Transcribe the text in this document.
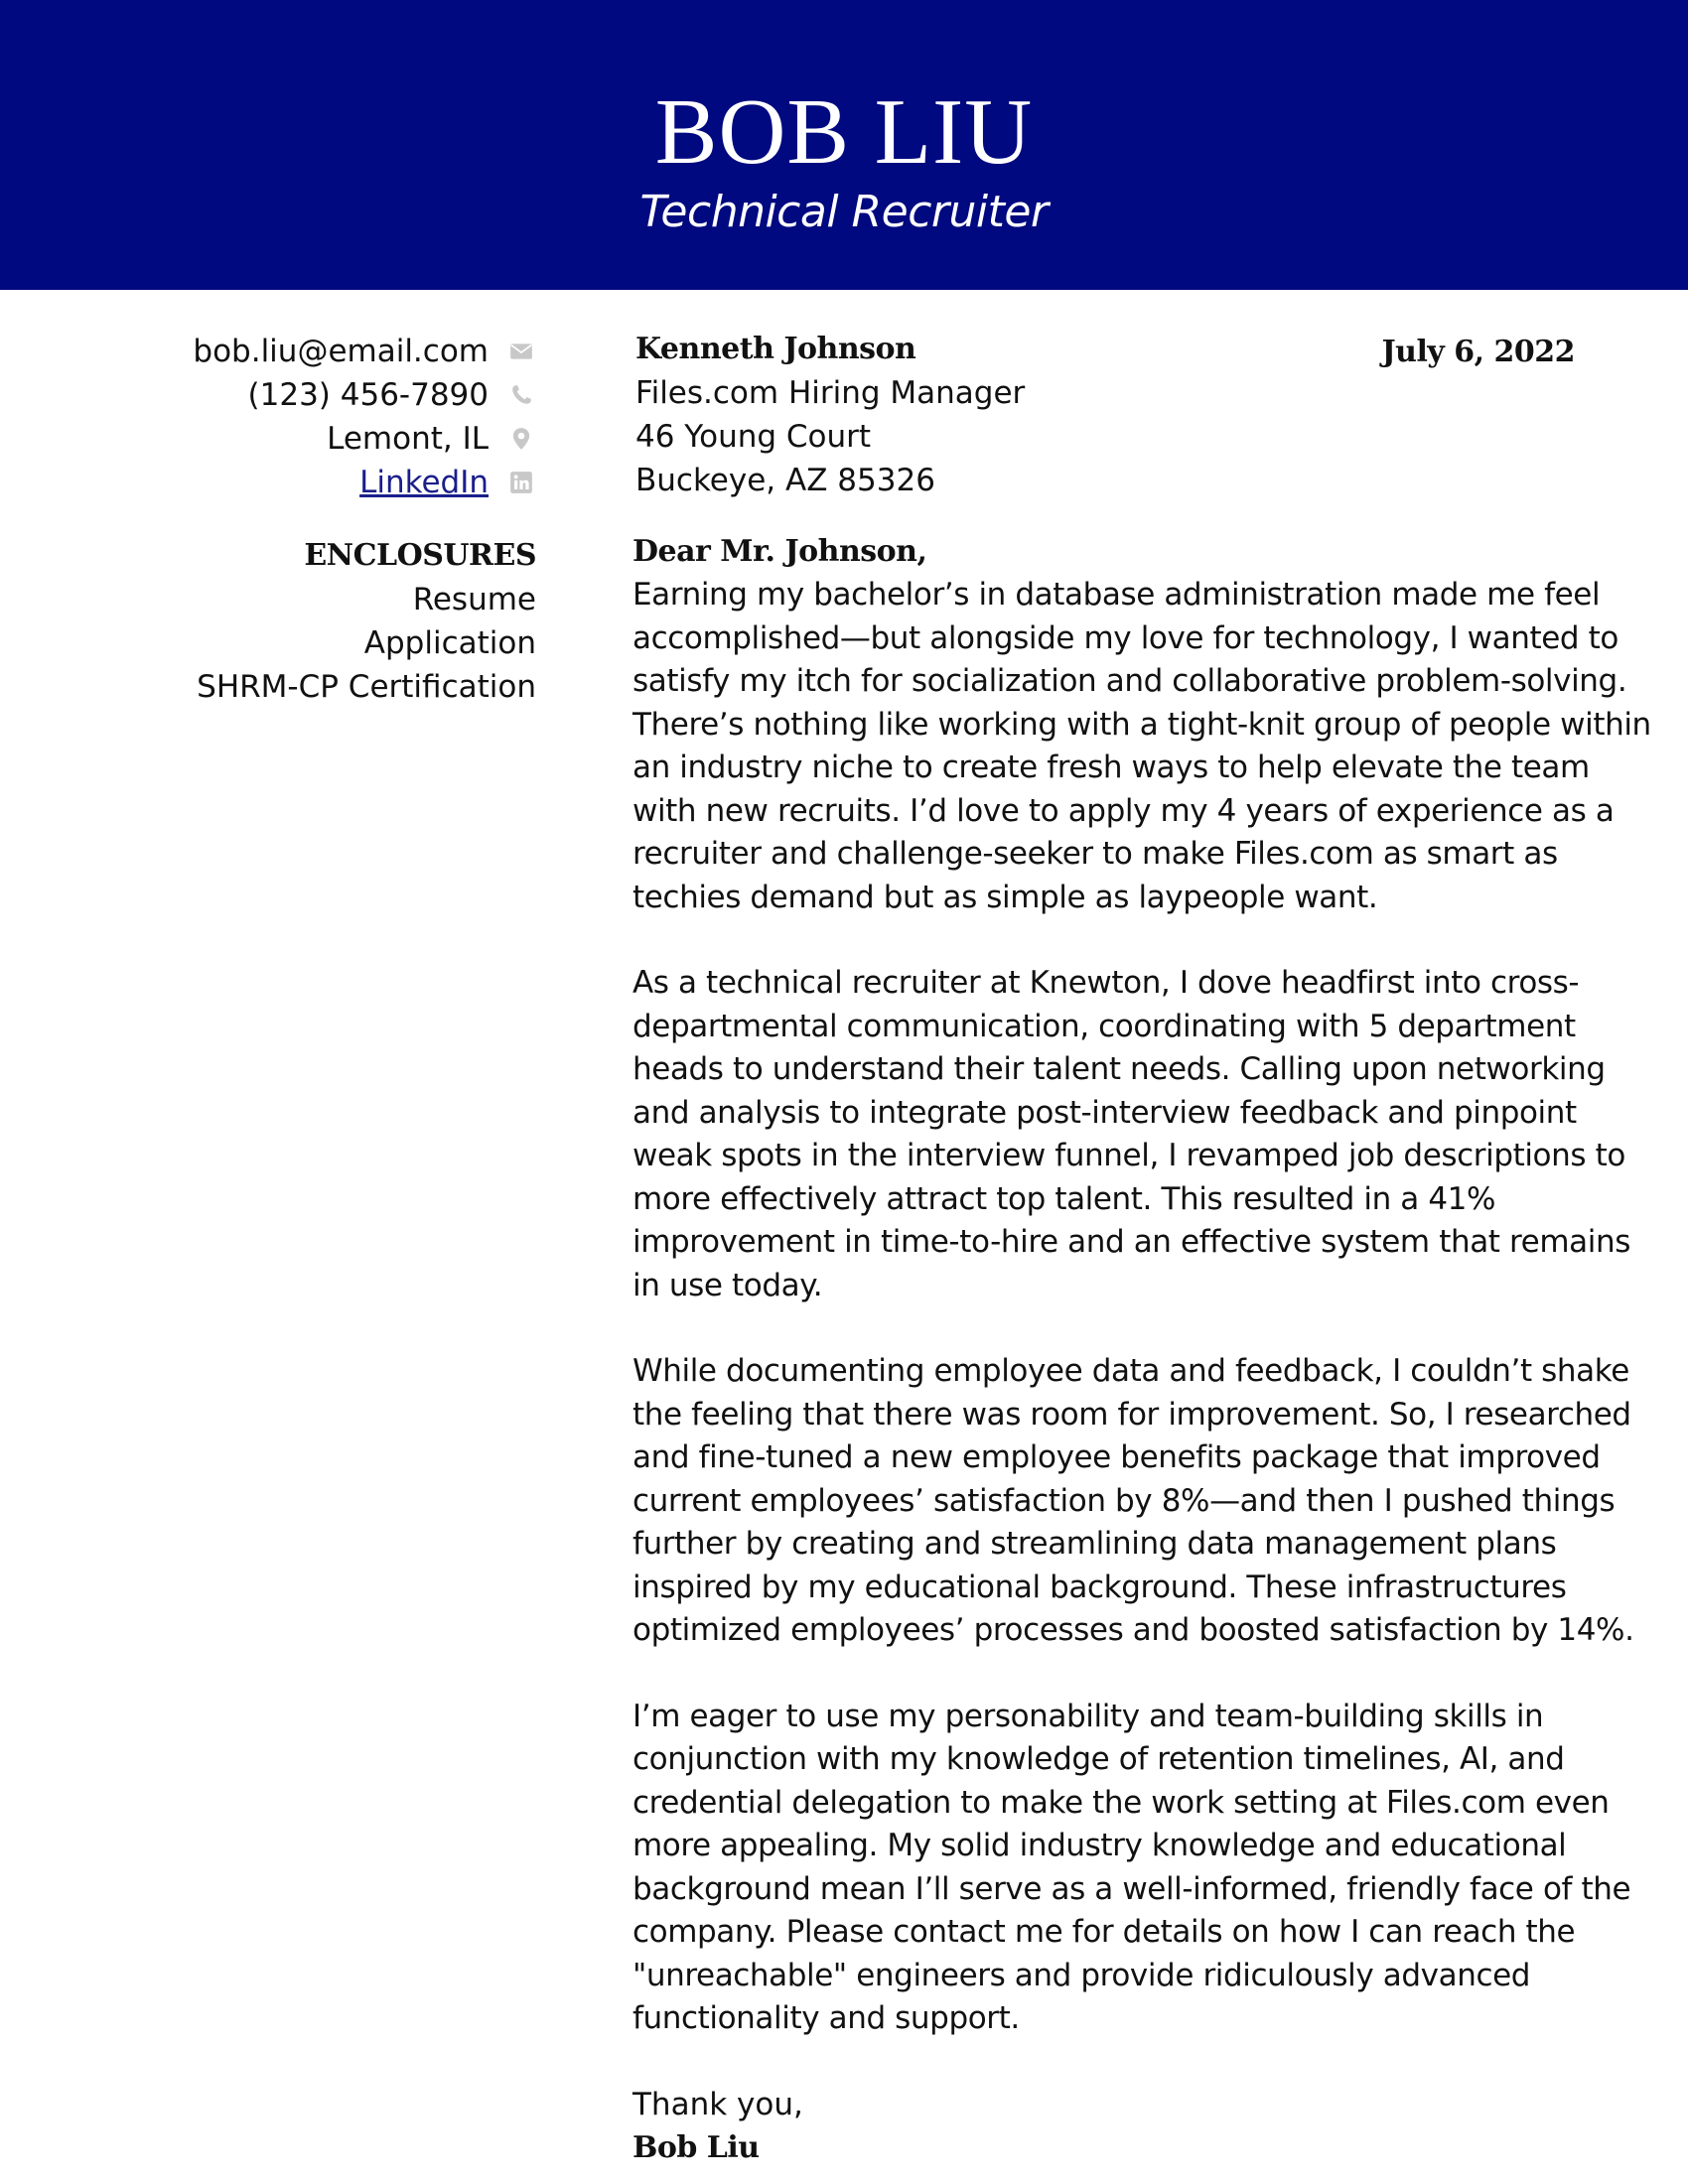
BOB LIU
Technical Recruiter
bob.liu@email.com
(123) 456-7890
Lemont, IL
LinkedIn
ENCLOSURES
Resume
Application
SHRM-CP Certification
Kenneth Johnson
Files.com Hiring Manager
46 Young Court
Buckeye, AZ 85326
July 6, 2022
Dear Mr. Johnson,

Earning my bachelor’s in database administration made me feel accomplished—but alongside my love for technology, I wanted to satisfy my itch for socialization and collaborative problem-solving. There’s nothing like working with a tight-knit group of people within an industry niche to create fresh ways to help elevate the team with new recruits. I’d love to apply my 4 years of experience as a recruiter and challenge-seeker to make Files.com as smart as techies demand but as simple as laypeople want.

As a technical recruiter at Knewton, I dove headfirst into cross-departmental communication, coordinating with 5 department heads to understand their talent needs. Calling upon networking and analysis to integrate post-interview feedback and pinpoint weak spots in the interview funnel, I revamped job descriptions to more effectively attract top talent. This resulted in a 41% improvement in time-to-hire and an effective system that remains in use today.

While documenting employee data and feedback, I couldn’t shake the feeling that there was room for improvement. So, I researched and fine-tuned a new employee benefits package that improved current employees’ satisfaction by 8%—and then I pushed things further by creating and streamlining data management plans inspired by my educational background. These infrastructures optimized employees’ processes and boosted satisfaction by 14%.

I’m eager to use my personability and team-building skills in conjunction with my knowledge of retention timelines, AI, and credential delegation to make the work setting at Files.com even more appealing. My solid industry knowledge and educational background mean I’ll serve as a well-informed, friendly face of the company. Please contact me for details on how I can reach the "unreachable" engineers and provide ridiculously advanced functionality and support.

Thank you,
Bob Liu
